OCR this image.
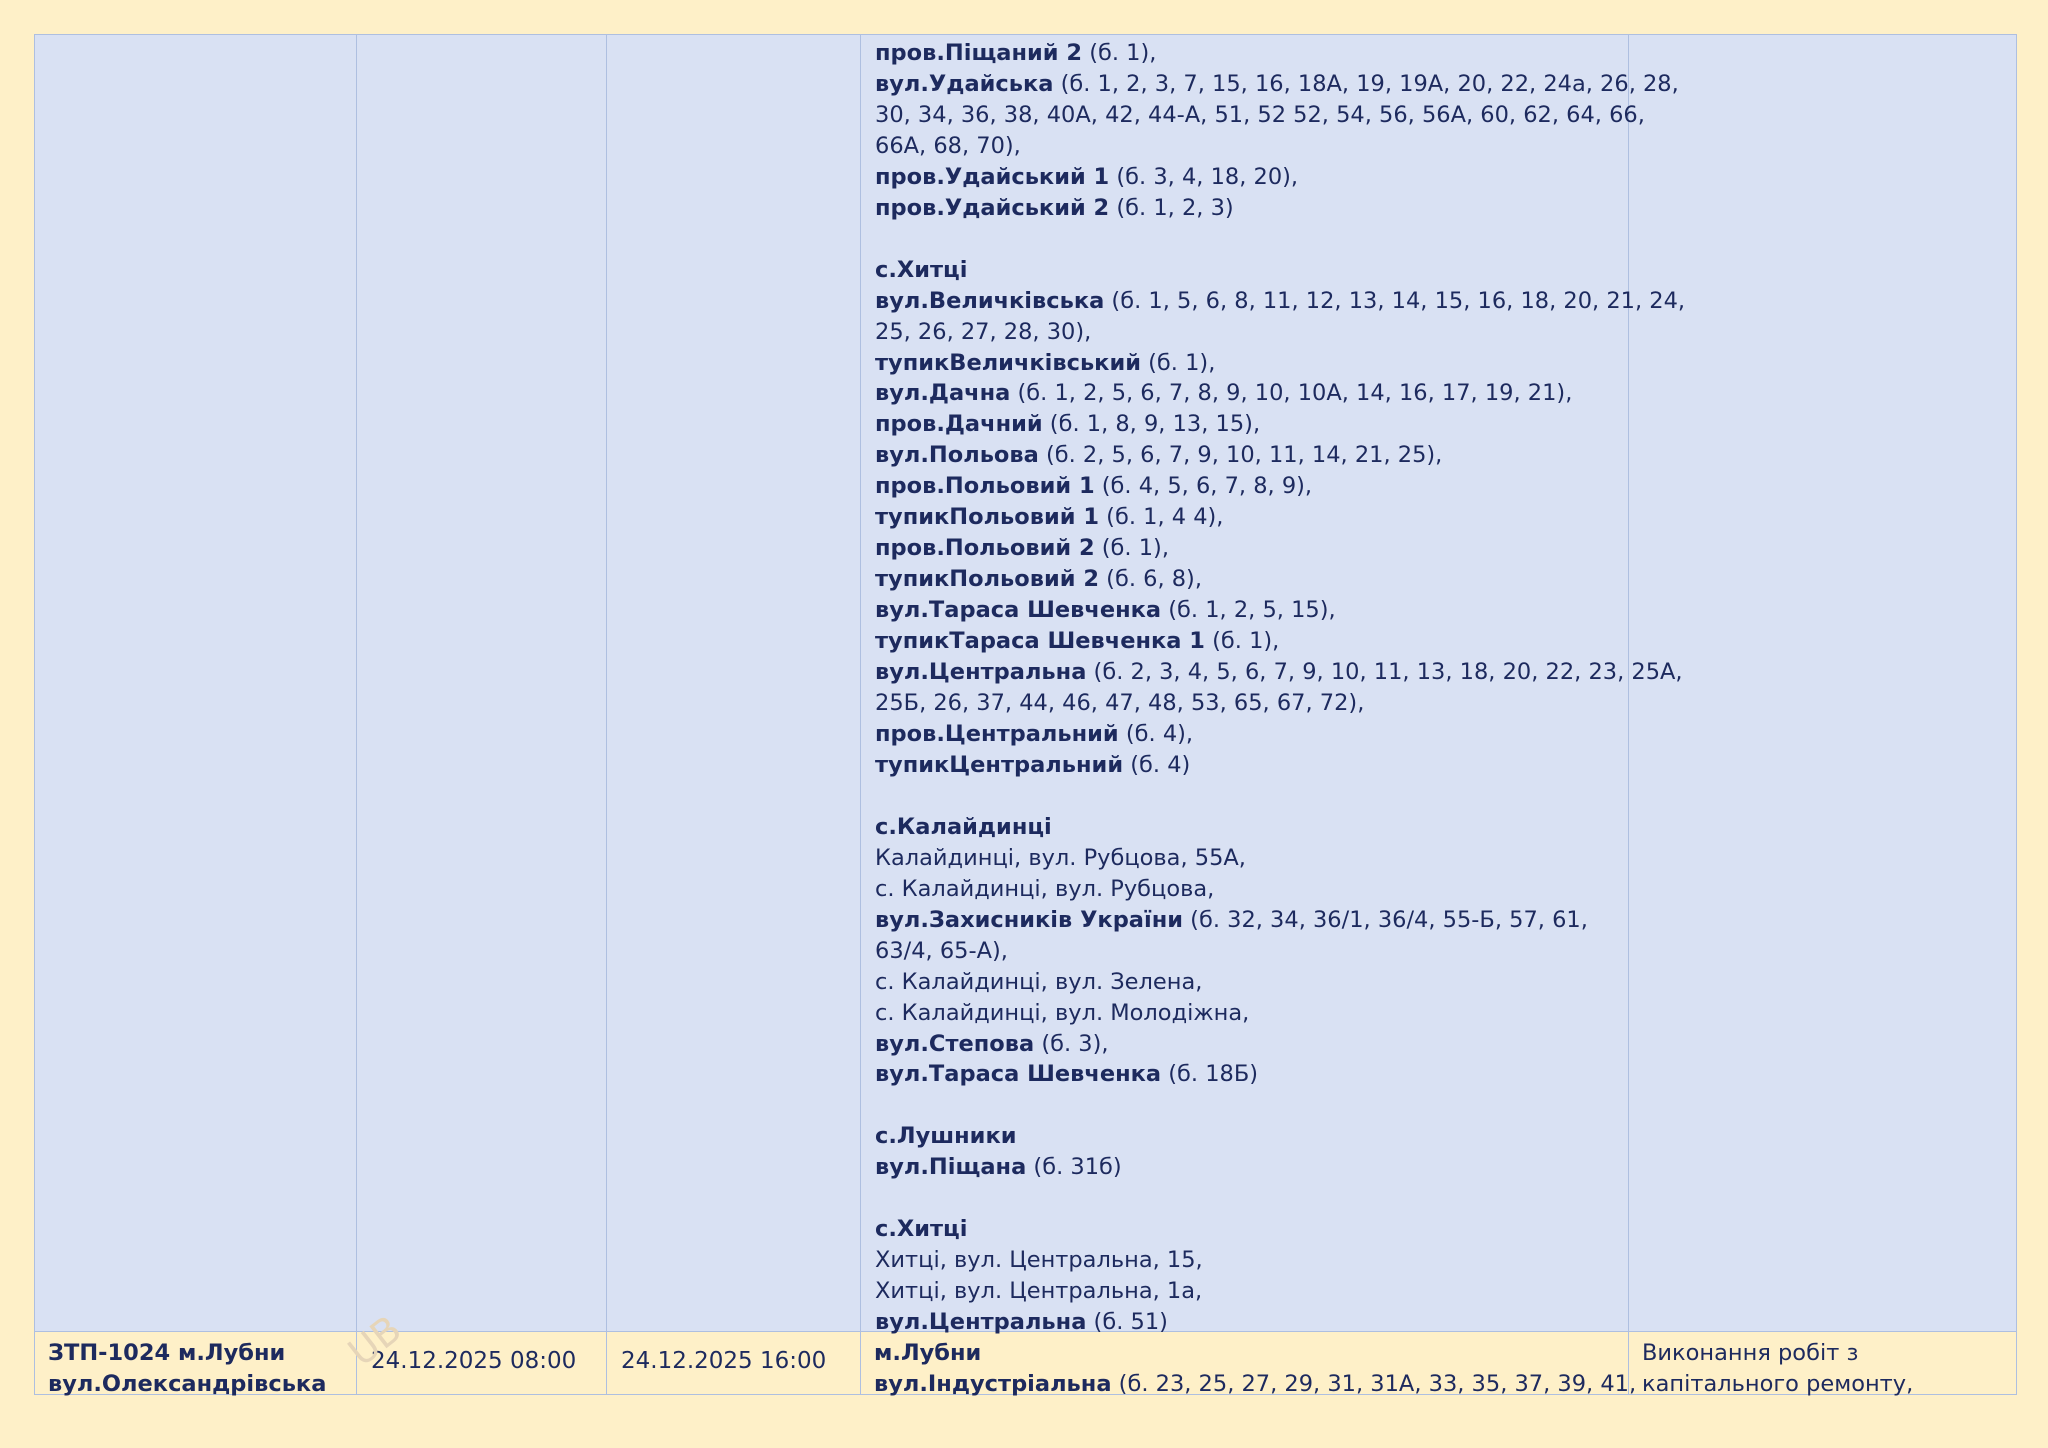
пров.Піщаний 2 (б. 1),
вул.Удайська (б. 1, 2, 3, 7, 15, 16, 18А, 19, 19А, 20, 22, 24а, 26, 28,
30, 34, 36, 38, 40А, 42, 44-А, 51, 52 52, 54, 56, 56А, 60, 62, 64, 66,
66А, 68, 70),
пров.Удайський 1 (б. 3, 4, 18, 20),
пров.Удайський 2 (б. 1, 2, 3)

с.Хитці
вул.Величківська (б. 1, 5, 6, 8, 11, 12, 13, 14, 15, 16, 18, 20, 21, 24,
25, 26, 27, 28, 30),
тупикВеличківський (б. 1),
вул.Дачна (б. 1, 2, 5, 6, 7, 8, 9, 10, 10А, 14, 16, 17, 19, 21),
пров.Дачний (б. 1, 8, 9, 13, 15),
вул.Польова (б. 2, 5, 6, 7, 9, 10, 11, 14, 21, 25),
пров.Польовий 1 (б. 4, 5, 6, 7, 8, 9),
тупикПольовий 1 (б. 1, 4 4),
пров.Польовий 2 (б. 1),
тупикПольовий 2 (б. 6, 8),
вул.Тараса Шевченка (б. 1, 2, 5, 15),
тупикТараса Шевченка 1 (б. 1),
вул.Центральна (б. 2, 3, 4, 5, 6, 7, 9, 10, 11, 13, 18, 20, 22, 23, 25А,
25Б, 26, 37, 44, 46, 47, 48, 53, 65, 67, 72),
пров.Центральний (б. 4),
тупикЦентральний (б. 4)

с.Калайдинці
Калайдинці, вул. Рубцова, 55А,
с. Калайдинці, вул. Рубцова,
вул.Захисників України (б. 32, 34, 36/1, 36/4, 55-Б, 57, 61,
63/4, 65-А),
с. Калайдинці, вул. Зелена,
с. Калайдинці, вул. Молодіжна,
вул.Степова (б. 3),
вул.Тараса Шевченка (б. 18Б)

с.Лушники
вул.Піщана (б. 31б)

с.Хитці
Хитці, вул. Центральна, 15,
Хитці, вул. Центральна, 1а,
вул.Центральна (б. 51)
ЗТП-1024 м.Лубни
вул.Олександрівська
24.12.2025 08:00	24.12.2025 16:00	м.Лубни
вул.Індустріальна (б. 23, 25, 27, 29, 31, 31А, 33, 35, 37, 39, 41,
Виконання робіт з
капітального ремонту,
UB
